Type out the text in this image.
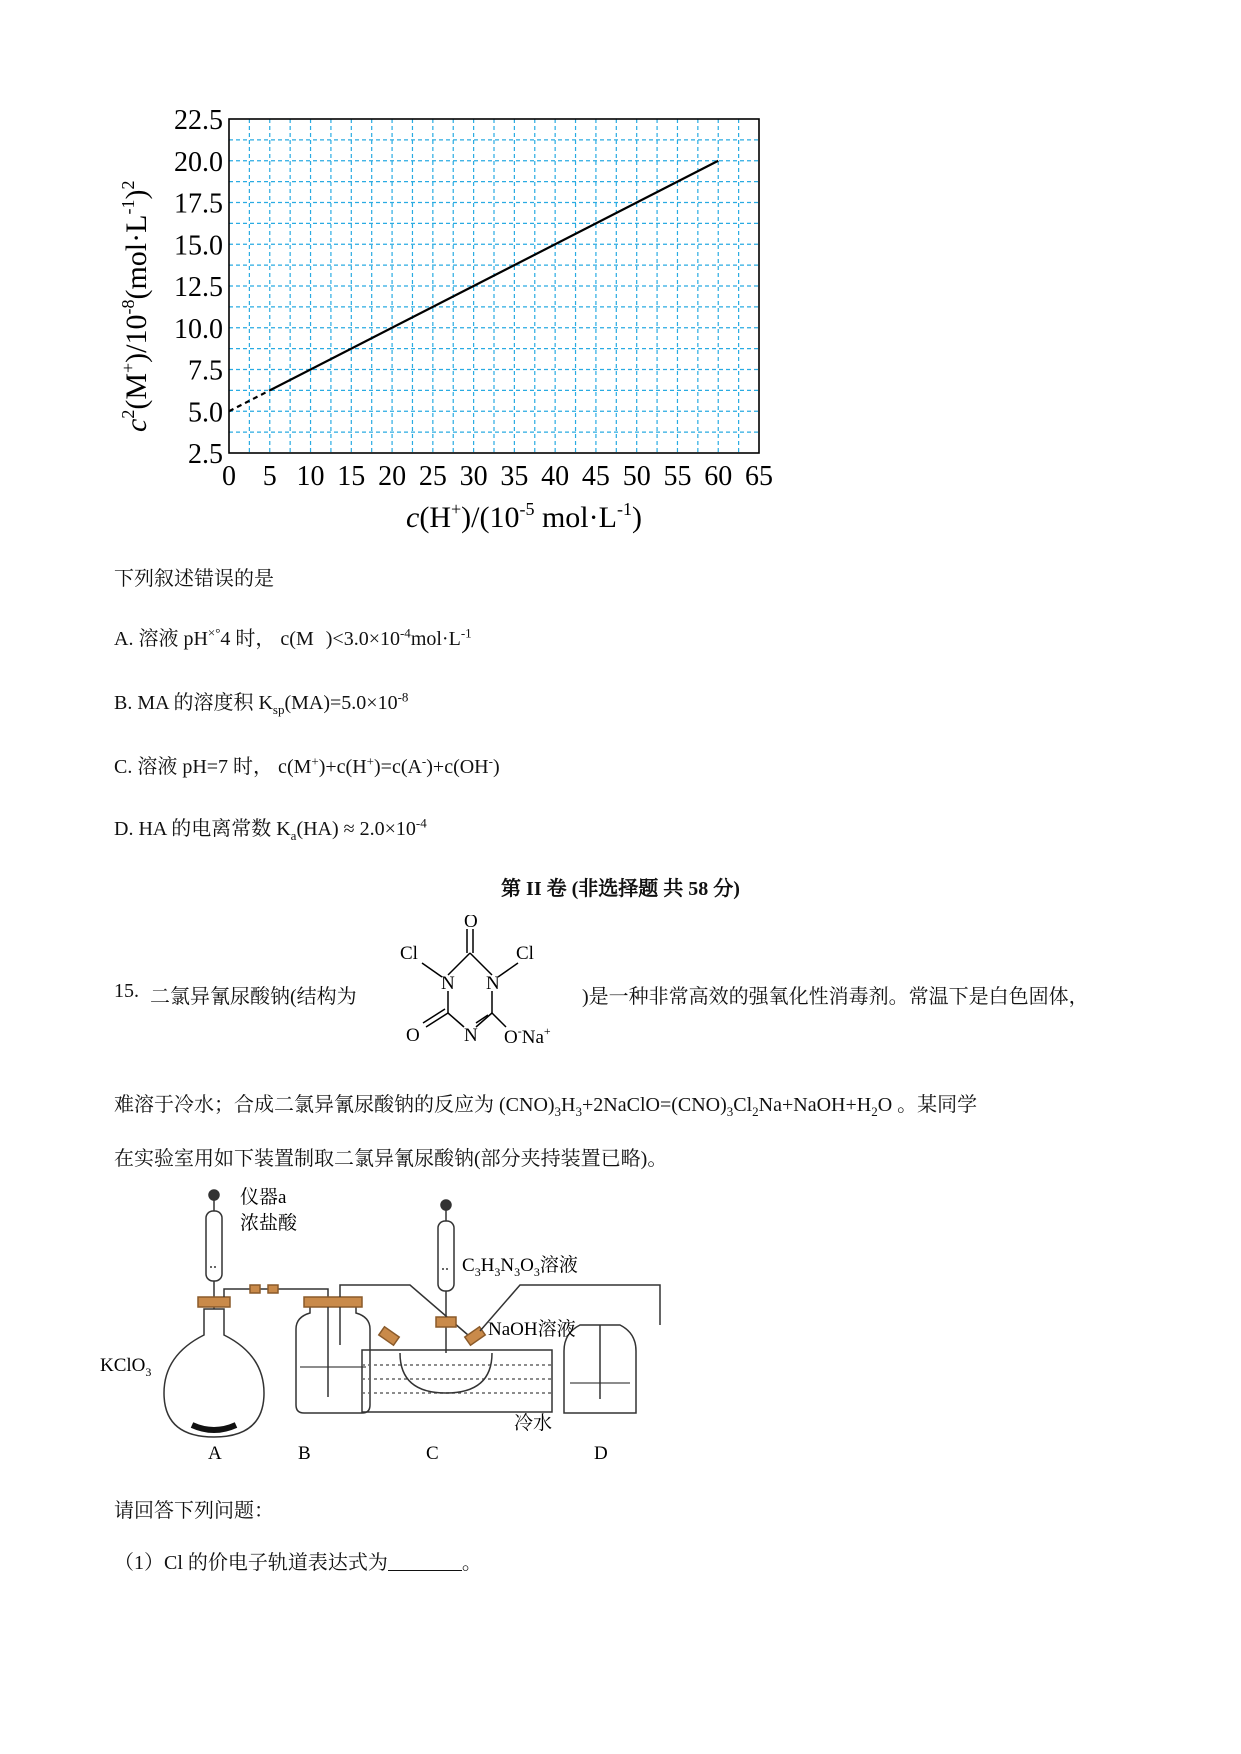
0 5 10 15 20 25 30 35 40 45 50 55 60 65
2.5
5.0
7.5
10.0
12.5
15.0
17.5
20.0
22.5
$c(H^+)/(10^{-5}$ $mol\cdot L^{-1}$)
$c^2(M^+)/10^{-8}(mol\cdot L^{-1})^2$
下列叙述错误的是
A. 溶液 pH×°4 时， c(M )$<3.0\times 10^{-4}mol\cdot L^{-1}$
B. MA 的溶度积 $K_{sp}(MA)=5.0\times 10^{-8}$
C. 溶液 pH=7 时， c(M+)+c(H+)=c(A-)+c(OH-)
D. HA 的电离常数 $K_a(HA) \approx 2.0\times 10^{-4}$
第 II 卷 (非选择题 共 58 分)
15. 二氯异氰尿酸钠(结构为
O
Cl	Cl
N N
N
O	O-Na+
)是一种非常高效的强氧化性消毒剂。常温下是白色固体，
难溶于冷水；合成二氯异氰尿酸钠的反应为 $(CNO)_3H_3+2NaClO=(CNO)_3Cl_2Na+NaOH+H_2O$ 。某同学
在实验室用如下装置制取二氯异氰尿酸钠(部分夹持装置已略)。
仪器a
浓盐酸
KClO$_3$
$C_3H_3N_3O_3$溶液
NaOH溶液
冷水
A	B	C	D
请回答下列问题：
（1）Cl 的价电子轨道表达式为	。
